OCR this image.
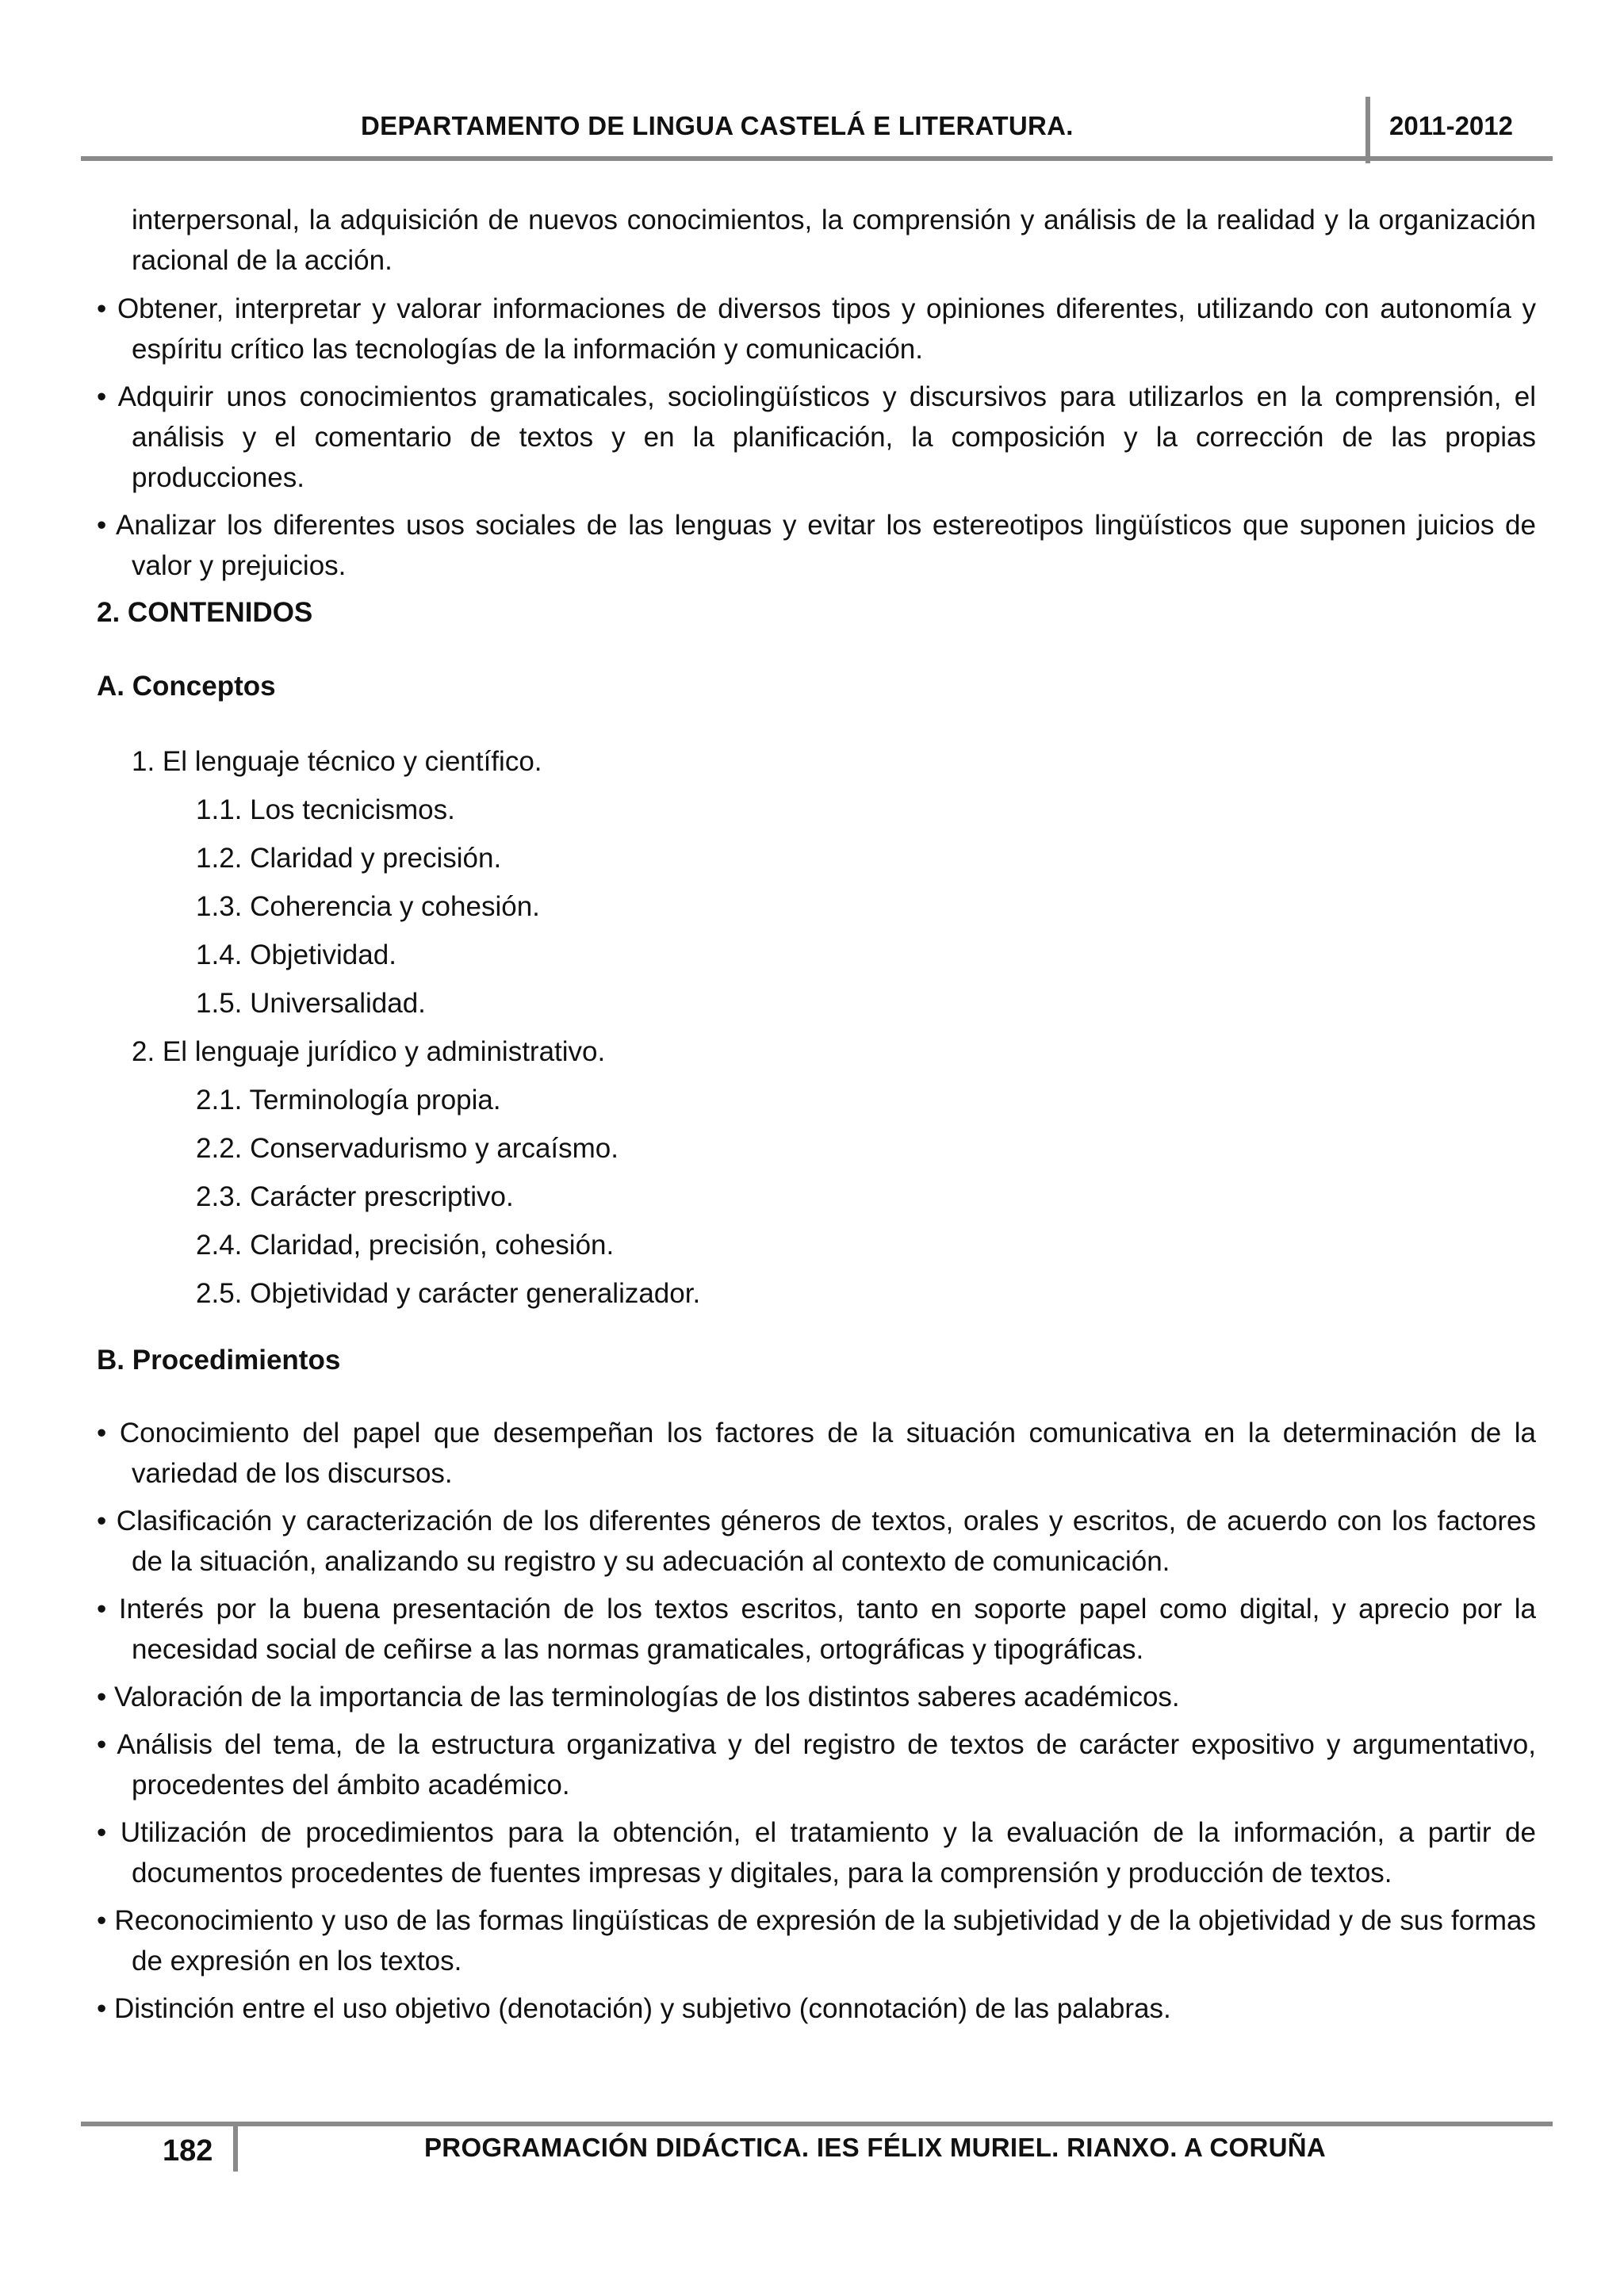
DEPARTAMENTO DE LINGUA CASTELÁ E LITERATURA.	2011-2012

interpersonal, la adquisición de nuevos conocimientos, la comprensión y análisis de la realidad y la organización racional de la acción.

• Obtener, interpretar y valorar informaciones de diversos tipos y opiniones diferentes, utilizando con autonomía y espíritu crítico las tecnologías de la información y comunicación.

• Adquirir unos conocimientos gramaticales, sociolingüísticos y discursivos para utilizarlos en la comprensión, el análisis y el comentario de textos y en la planificación, la composición y la corrección de las propias producciones.

• Analizar los diferentes usos sociales de las lenguas y evitar los estereotipos lingüísticos que suponen juicios de valor y prejuicios.

2. CONTENIDOS
A. Conceptos
1. El lenguaje técnico y científico.
1.1. Los tecnicismos.
1.2. Claridad y precisión.
1.3. Coherencia y cohesión.
1.4. Objetividad.
1.5. Universalidad.
2. El lenguaje jurídico y administrativo.
2.1. Terminología propia.
2.2. Conservadurismo y arcaísmo.
2.3. Carácter prescriptivo.
2.4. Claridad, precisión, cohesión.
2.5. Objetividad y carácter generalizador.
B. Procedimientos

• Conocimiento del papel que desempeñan los factores de la situación comunicativa en la determinación de la variedad de los discursos.

• Clasificación y caracterización de los diferentes géneros de textos, orales y escritos, de acuerdo con los factores de la situación, analizando su registro y su adecuación al contexto de comunicación.

• Interés por la buena presentación de los textos escritos, tanto en soporte papel como digital, y aprecio por la necesidad social de ceñirse a las normas gramaticales, ortográficas y tipográficas.

• Valoración de la importancia de las terminologías de los distintos saberes académicos.

• Análisis del tema, de la estructura organizativa y del registro de textos de carácter expositivo y argumentativo, procedentes del ámbito académico.

• Utilización de procedimientos para la obtención, el tratamiento y la evaluación de la información, a partir de documentos procedentes de fuentes impresas y digitales, para la comprensión y producción de textos.

• Reconocimiento y uso de las formas lingüísticas de expresión de la subjetividad y de la objetividad y de sus formas de expresión en los textos.

• Distinción entre el uso objetivo (denotación) y subjetivo (connotación) de las palabras.

182	PROGRAMACIÓN DIDÁCTICA. IES FÉLIX MURIEL. RIANXO. A CORUÑA
